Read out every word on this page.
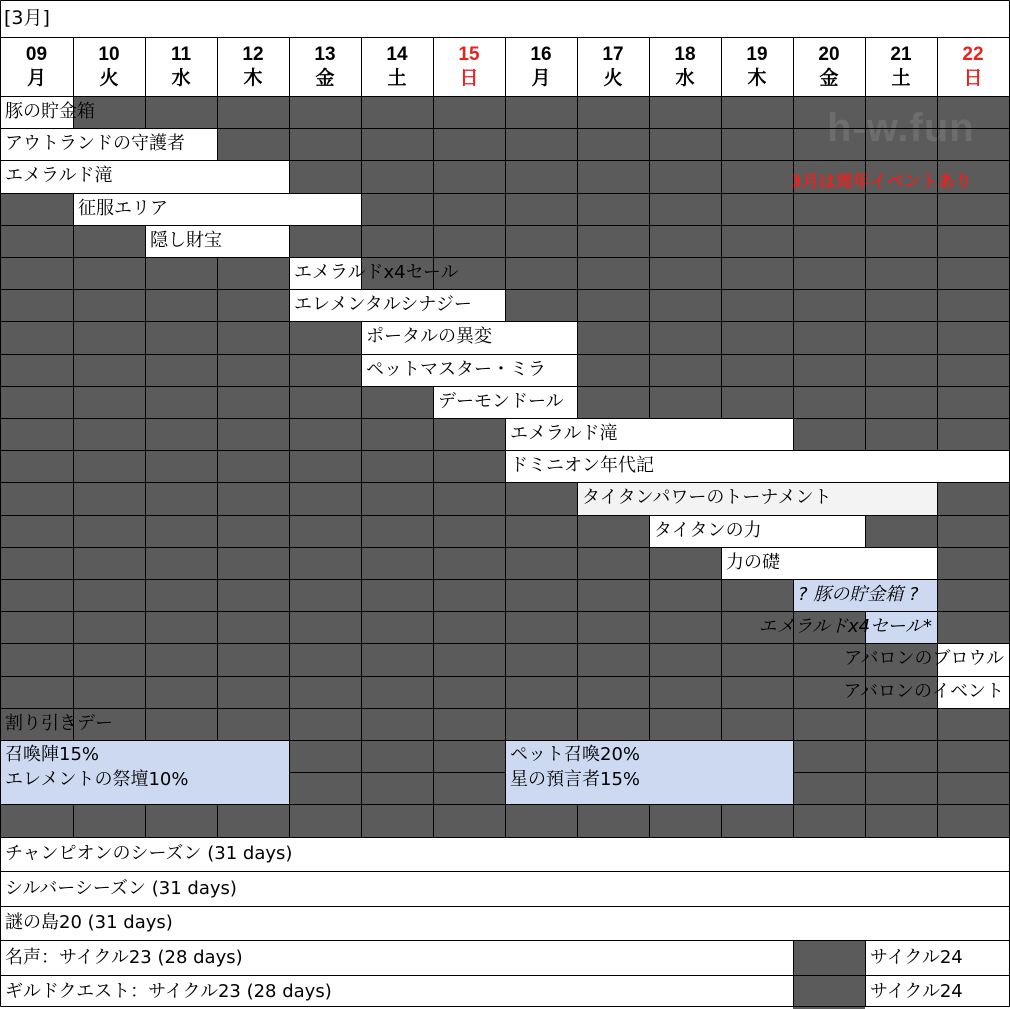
[3月]
09
月
10
火
11
水
12
木
13
金
14
土
15
日
16
月
17
火
18
水
19
木
20
金
21
土
22
日
豚の貯金箱
アウトランドの守護者
エメラルド滝
征服エリア
隠し財宝
エメラルドx4セール
エレメンタルシナジー
ポータルの異変
ペットマスター・ミラ
デーモンドール
エメラルド滝
ドミニオン年代記
タイタンパワーのトーナメント
タイタンの力
力の礎
? 豚の貯金箱 ?
エメラルドx4セール*
アバロンのブロウル
アバロンのイベント
割り引きデー
召喚陣15%
エレメントの祭壇10%
ペット召喚20%
星の預言者15%
チャンピオンのシーズン (31 days)
シルバーシーズン (31 days)
謎の島20 (31 days)
名声：サイクル23 (28 days)	サイクル24
ギルドクエスト：サイクル23 (28 days)	サイクル24
h-w.fun
3月は周年イベントあり
